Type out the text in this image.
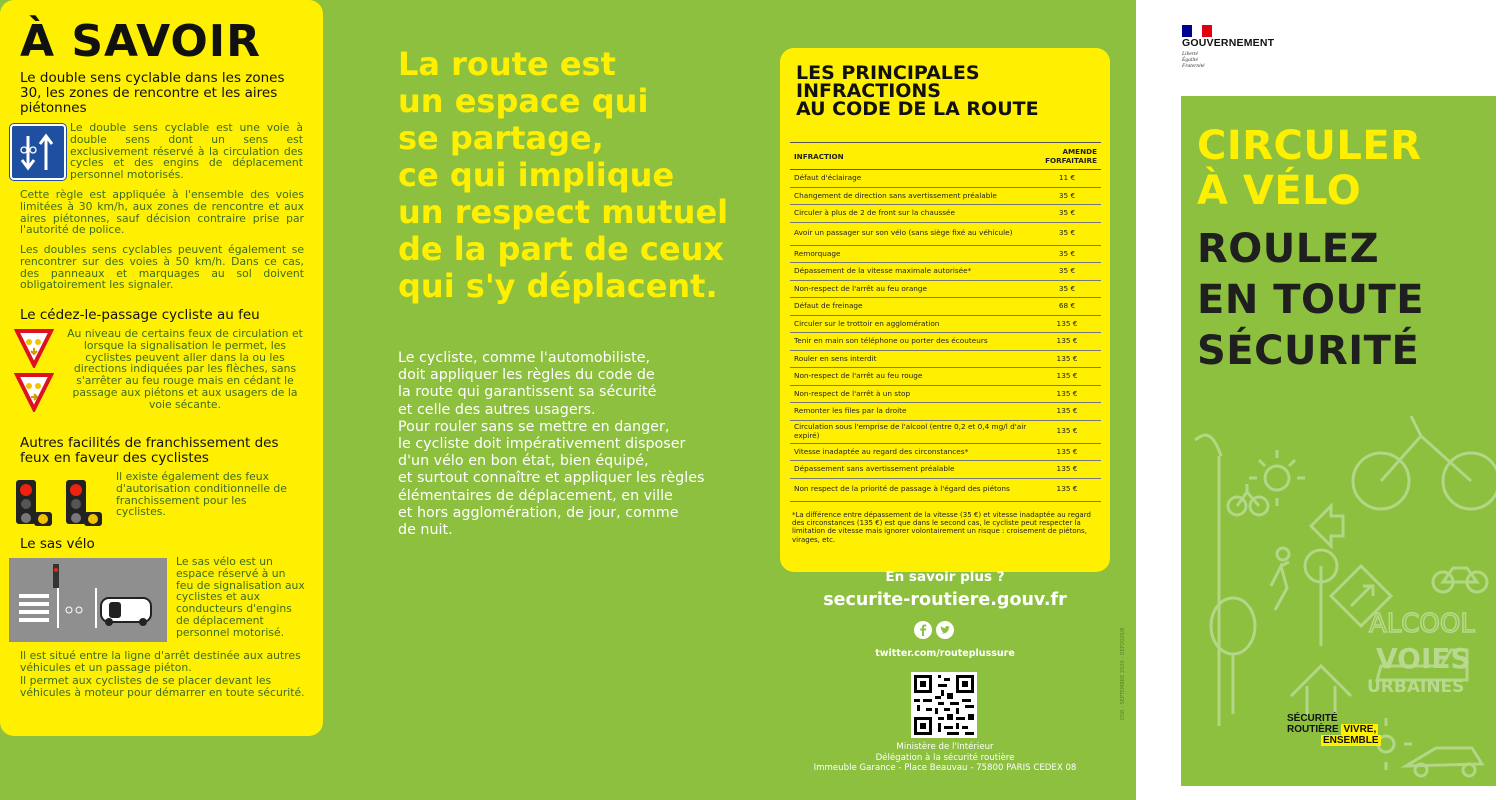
À SAVOIR
Le double sens cyclable dans les zones 30, les zones de rencontre et les aires piétonnes
Le double sens cyclable est une voie à double sens dont un sens est exclusivement réservé à la circulation des cycles et des engins de déplacement personnel motorisés.
Cette règle est appliquée à l'ensemble des voies limitées à 30 km/h, aux zones de rencontre et aux aires piétonnes, sauf décision contraire prise par l'autorité de police.
Les doubles sens cyclables peuvent également se rencontrer sur des voies à 50 km/h. Dans ce cas, des panneaux et marquages au sol doivent obligatoirement les signaler.
Le cédez-le-passage cycliste au feu
Au niveau de certains feux de circulation et lorsque la signalisation le permet, les cyclistes peuvent aller dans la ou les directions indiquées par les flèches, sans s'arrêter au feu rouge mais en cédant le passage aux piétons et aux usagers de la voie sécante.
Autres facilités de franchissement des feux en faveur des cyclistes
Il existe également des feux d'autorisation conditionnelle de franchissement pour les cyclistes.
Le sas vélo
Le sas vélo est un espace réservé à un feu de signalisation aux cyclistes et aux conducteurs d'engins de déplacement personnel motorisé.
Il est situé entre la ligne d'arrêt destinée aux autres véhicules et un passage piéton.
Il permet aux cyclistes de se placer devant les véhicules à moteur pour démarrer en toute sécurité.
La route est
un espace qui
se partage,
ce qui implique
un respect mutuel
de la part de ceux
qui s'y déplacent.
Le cycliste, comme l'automobiliste,
doit appliquer les règles du code de
la route qui garantissent sa sécurité
et celle des autres usagers.
Pour rouler sans se mettre en danger,
le cycliste doit impérativement disposer
d'un vélo en bon état, bien équipé,
et surtout connaître et appliquer les règles
élémentaires de déplacement, en ville
et hors agglomération, de jour, comme
de nuit.
LES PRINCIPALES
INFRACTIONS
AU CODE DE LA ROUTE
INFRACTION	AMENDE FORFAITAIRE
Défaut d'éclairage	11 €
Changement de direction sans avertissement préalable	35 €
Circuler à plus de 2 de front sur la chaussée	35 €
Avoir un passager sur son vélo (sans siège fixé au véhicule)	35 €
Remorquage	35 €
Dépassement de la vitesse maximale autorisée*	35 €
Non-respect de l'arrêt au feu orange	35 €
Défaut de freinage	68 €
Circuler sur le trottoir en agglomération	135 €
Tenir en main son téléphone ou porter des écouteurs	135 €
Rouler en sens interdit	135 €
Non-respect de l'arrêt au feu rouge	135 €
Non-respect de l'arrêt à un stop	135 €
Remonter les files par la droite	135 €
Circulation sous l'emprise de l'alcool (entre 0,2 et 0,4 mg/l d'air expiré)	135 €
Vitesse inadaptée au regard des circonstances*	135 €
Dépassement sans avertissement préalable	135 €
Non respect de la priorité de passage à l'égard des piétons	135 €
*La différence entre dépassement de la vitesse (35 €) et vitesse inadaptée au regard des circonstances (135 €) est que dans le second cas, le cycliste peut respecter la limitation de vitesse mais ignorer volontairement un risque : croisement de piétons, virages, etc.
En savoir plus ?
securite-routiere.gouv.fr
twitter.com/routeplussure
Ministère de l'Intérieur
Délégation à la sécurité routière
Immeuble Garance - Place Beauvau - 75800 PARIS CEDEX 08
DSR - SEPTEMBRE 2020 - DEP2020/8
GOUVERNEMENT
Liberté
Égalité
Fraternité
CIRCULER
À VÉLO
ROULEZ
EN TOUTE
SÉCURITÉ
ALCOOL
VOIES
URBAINES
SÉCURITÉ
ROUTIÈRE VIVRE,
ENSEMBLE
